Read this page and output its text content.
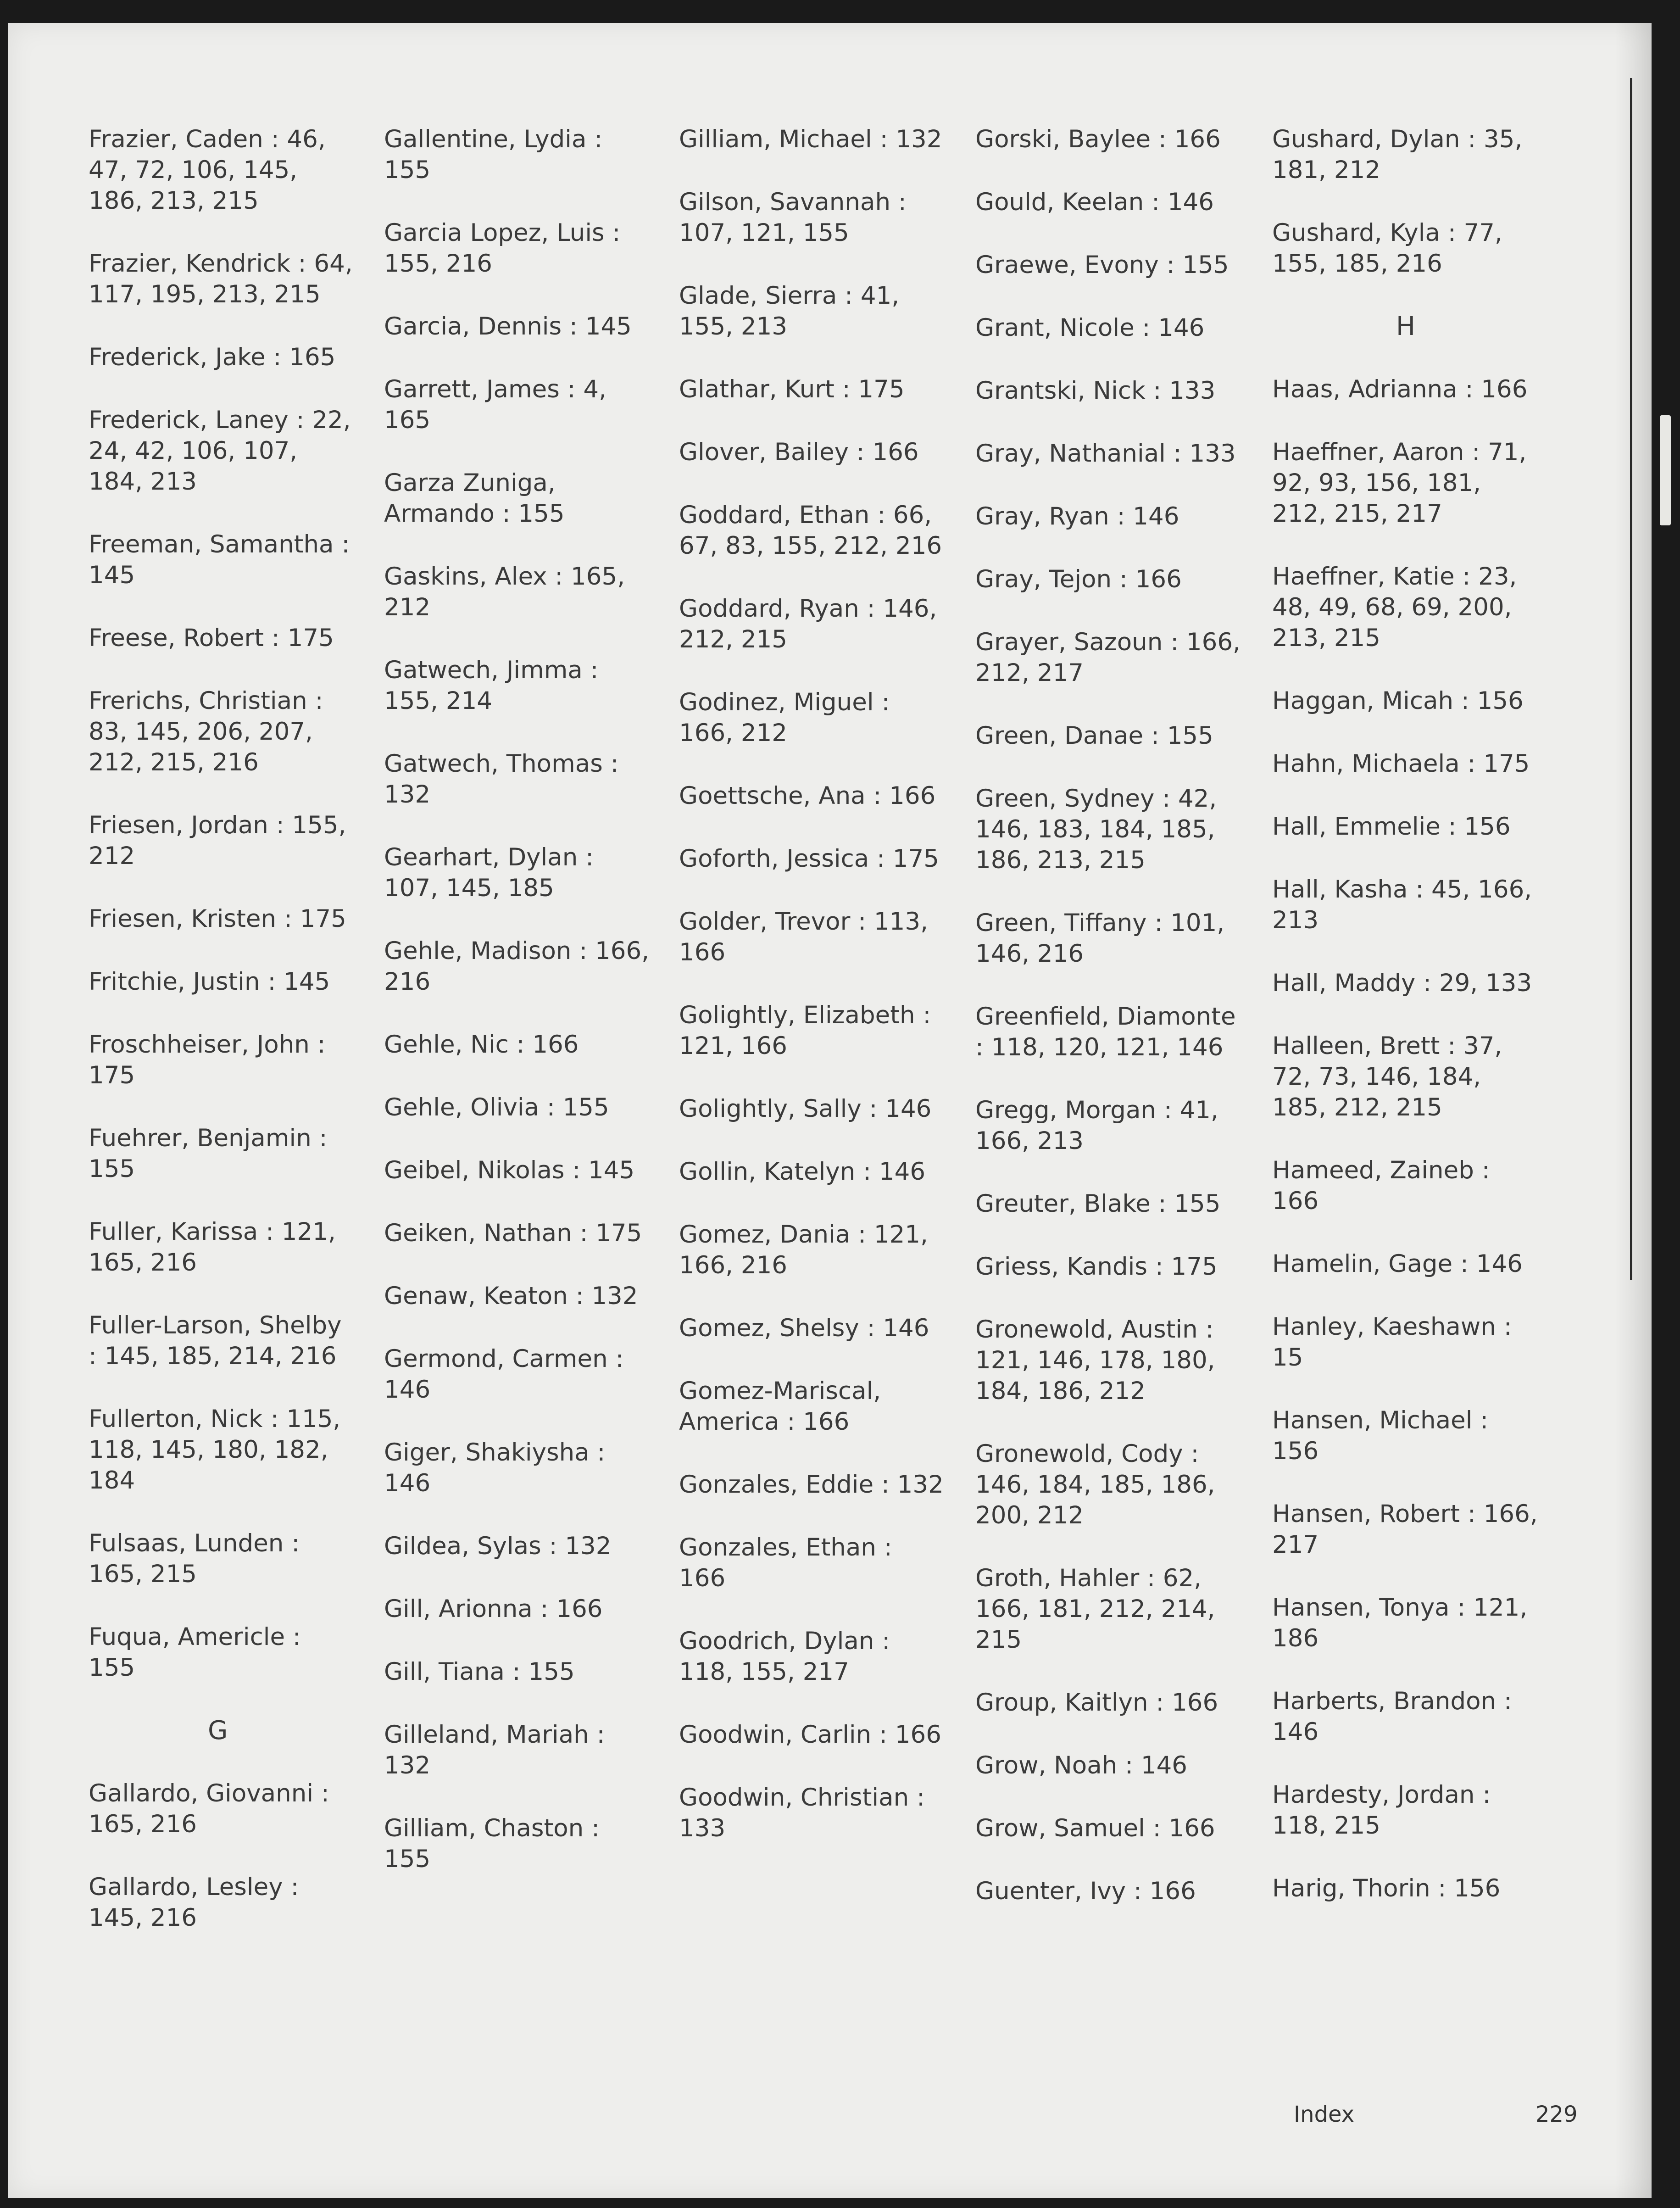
Frazier, Caden : 46, 47, 72, 106, 145, 186, 213, 215
Frazier, Kendrick : 64, 117, 195, 213, 215
Frederick, Jake : 165
Frederick, Laney : 22, 24, 42, 106, 107, 184, 213
Freeman, Samantha : 145
Freese, Robert : 175
Frerichs, Christian : 83, 145, 206, 207, 212, 215, 216
Friesen, Jordan : 155, 212
Friesen, Kristen : 175
Fritchie, Justin : 145
Froschheiser, John : 175
Fuehrer, Benjamin : 155
Fuller, Karissa : 121, 165, 216
Fuller-Larson, Shelby : 145, 185, 214, 216
Fullerton, Nick : 115, 118, 145, 180, 182, 184
Fulsaas, Lunden : 165, 215
Fuqua, Americle : 155
G
Gallardo, Giovanni : 165, 216
Gallardo, Lesley : 145, 216
Gallentine, Lydia : 155
Garcia Lopez, Luis : 155, 216
Garcia, Dennis : 145
Garrett, James : 4, 165
Garza Zuniga, Armando : 155
Gaskins, Alex : 165, 212
Gatwech, Jimma : 155, 214
Gatwech, Thomas : 132
Gearhart, Dylan : 107, 145, 185
Gehle, Madison : 166, 216
Gehle, Nic : 166
Gehle, Olivia : 155
Geibel, Nikolas : 145
Geiken, Nathan : 175
Genaw, Keaton : 132
Germond, Carmen : 146
Giger, Shakiysha : 146
Gildea, Sylas : 132
Gill, Arionna : 166
Gill, Tiana : 155
Gilleland, Mariah : 132
Gilliam, Chaston : 155
Gilliam, Michael : 132
Gilson, Savannah : 107, 121, 155
Glade, Sierra : 41, 155, 213
Glathar, Kurt : 175
Glover, Bailey : 166
Goddard, Ethan : 66, 67, 83, 155, 212, 216
Goddard, Ryan : 146, 212, 215
Godinez, Miguel : 166, 212
Goettsche, Ana : 166
Goforth, Jessica : 175
Golder, Trevor : 113, 166
Golightly, Elizabeth : 121, 166
Golightly, Sally : 146
Gollin, Katelyn : 146
Gomez, Dania : 121, 166, 216
Gomez, Shelsy : 146
Gomez-Mariscal, America : 166
Gonzales, Eddie : 132
Gonzales, Ethan : 166
Goodrich, Dylan : 118, 155, 217
Goodwin, Carlin : 166
Goodwin, Christian : 133
Gorski, Baylee : 166
Gould, Keelan : 146
Graewe, Evony : 155
Grant, Nicole : 146
Grantski, Nick : 133
Gray, Nathanial : 133
Gray, Ryan : 146
Gray, Tejon : 166
Grayer, Sazoun : 166, 212, 217
Green, Danae : 155
Green, Sydney : 42, 146, 183, 184, 185, 186, 213, 215
Green, Tiffany : 101, 146, 216
Greenfield, Diamonte : 118, 120, 121, 146
Gregg, Morgan : 41, 166, 213
Greuter, Blake : 155
Griess, Kandis : 175
Gronewold, Austin : 121, 146, 178, 180, 184, 186, 212
Gronewold, Cody : 146, 184, 185, 186, 200, 212
Groth, Hahler : 62, 166, 181, 212, 214, 215
Group, Kaitlyn : 166
Grow, Noah : 146
Grow, Samuel : 166
Guenter, Ivy : 166
Gushard, Dylan : 35, 181, 212
Gushard, Kyla : 77, 155, 185, 216
H
Haas, Adrianna : 166
Haeffner, Aaron : 71, 92, 93, 156, 181, 212, 215, 217
Haeffner, Katie : 23, 48, 49, 68, 69, 200, 213, 215
Haggan, Micah : 156
Hahn, Michaela : 175
Hall, Emmelie : 156
Hall, Kasha : 45, 166, 213
Hall, Maddy : 29, 133
Halleen, Brett : 37, 72, 73, 146, 184, 185, 212, 215
Hameed, Zaineb : 166
Hamelin, Gage : 146
Hanley, Kaeshawn : 15
Hansen, Michael : 156
Hansen, Robert : 166, 217
Hansen, Tonya : 121, 186
Harberts, Brandon : 146
Hardesty, Jordan : 118, 215
Harig, Thorin : 156
Index	229
